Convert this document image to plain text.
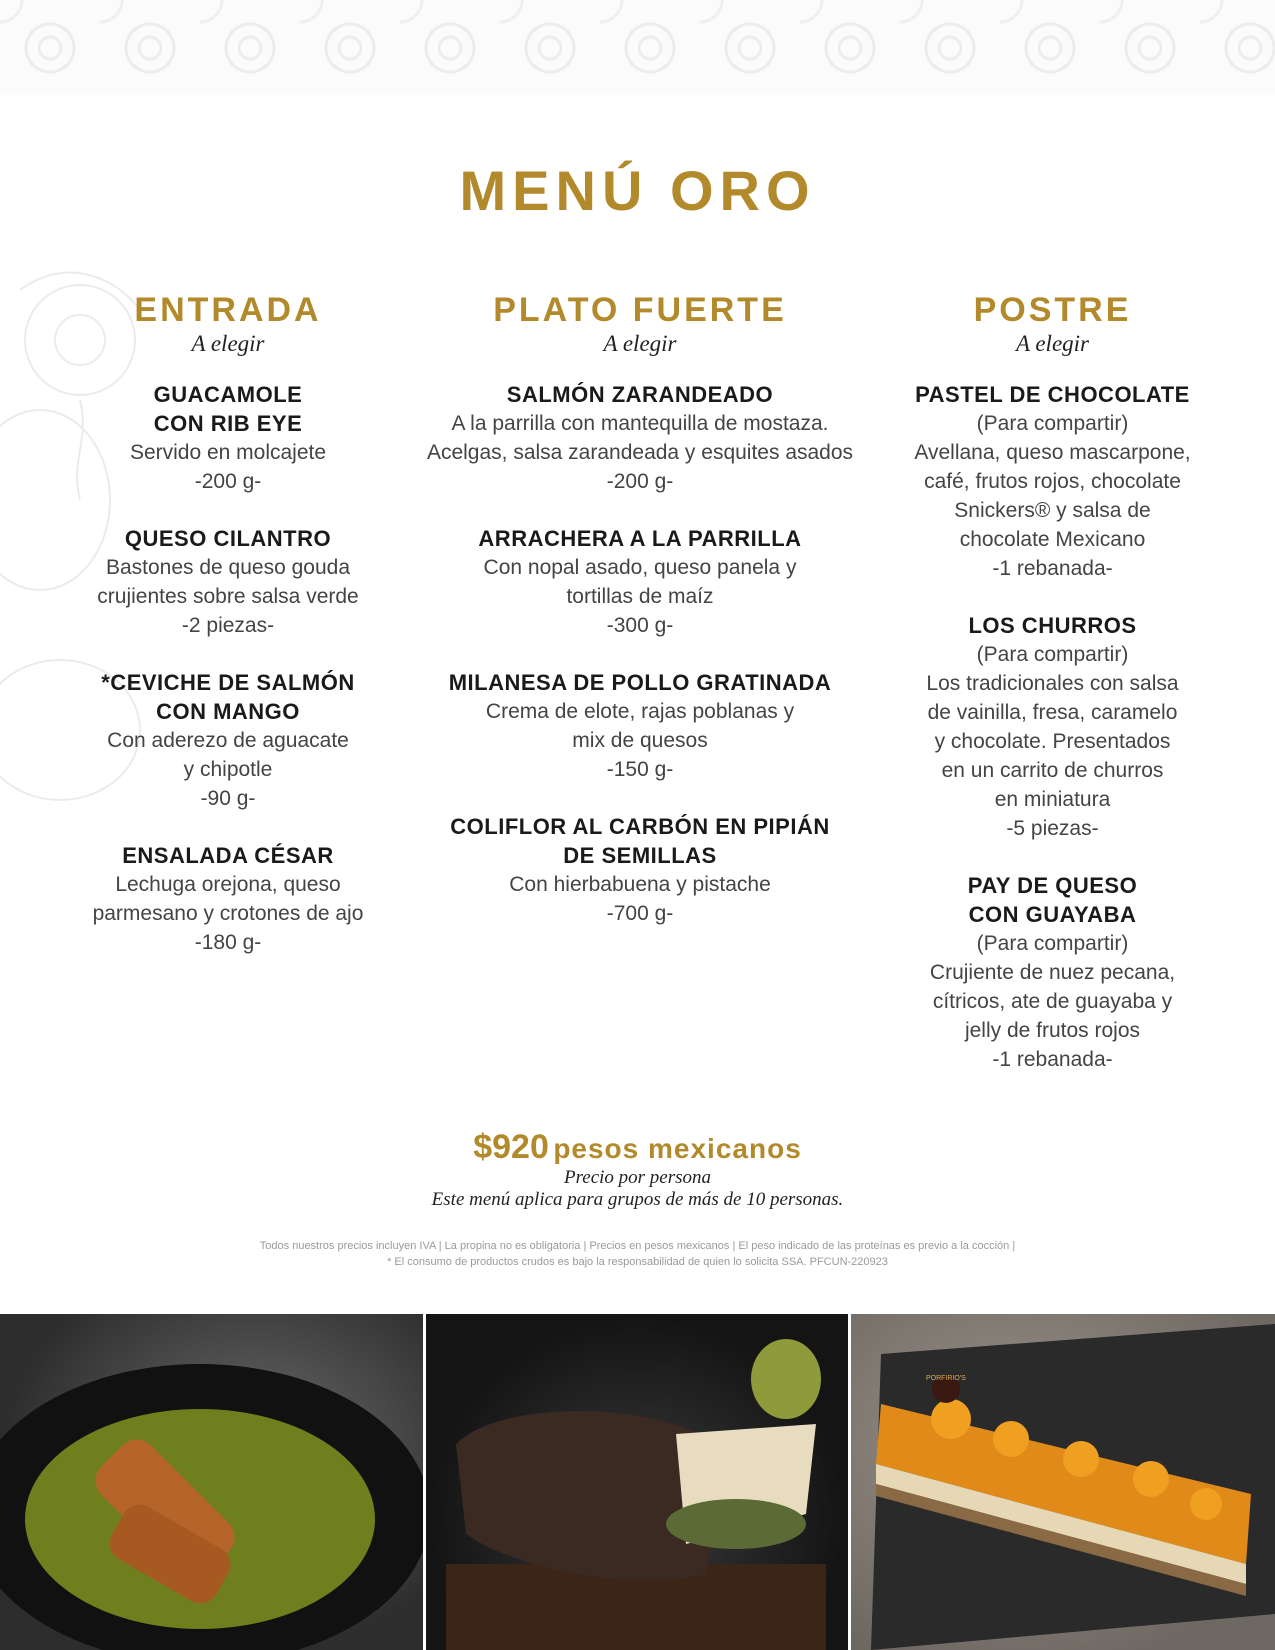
MENÚ ORO
ENTRADA
A elegir
GUACAMOLE
CON RIB EYE
Servido en molcajete
-200 g-
QUESO CILANTRO
Bastones de queso gouda
crujientes sobre salsa verde
-2 piezas-
*CEVICHE DE SALMÓN
CON MANGO
Con aderezo de aguacate
y chipotle
-90 g-
ENSALADA CÉSAR
Lechuga orejona, queso
parmesano y crotones de ajo
-180 g-
PLATO FUERTE
A elegir
SALMÓN ZARANDEADO
A la parrilla con mantequilla de mostaza.
Acelgas, salsa zarandeada y esquites asados
-200 g-
ARRACHERA A LA PARRILLA
Con nopal asado, queso panela y
tortillas de maíz
-300 g-
MILANESA DE POLLO GRATINADA
Crema de elote, rajas poblanas y
mix de quesos
-150 g-
COLIFLOR AL CARBÓN EN PIPIÁN
DE SEMILLAS
Con hierbabuena y pistache
-700 g-
POSTRE
A elegir
PASTEL DE CHOCOLATE
(Para compartir)
Avellana, queso mascarpone,
café, frutos rojos, chocolate
Snickers® y salsa de
chocolate Mexicano
-1 rebanada-
LOS CHURROS
(Para compartir)
Los tradicionales con salsa
de vainilla, fresa, caramelo
y chocolate. Presentados
en un carrito de churros
en miniatura
-5 piezas-
PAY DE QUESO
CON GUAYABA
(Para compartir)
Crujiente de nuez pecana,
cítricos, ate de guayaba y
jelly de frutos rojos
-1 rebanada-
$920 pesos mexicanos
Precio por persona
Este menú aplica para grupos de más de 10 personas.
Todos nuestros precios incluyen IVA | La propina no es obligatoria | Precios en pesos mexicanos | El peso indicado de las proteínas es previo a la cocción |
* El consumo de productos crudos es bajo la responsabilidad de quien lo solicita SSA. PFCUN-220923
PORFIRIO'S
